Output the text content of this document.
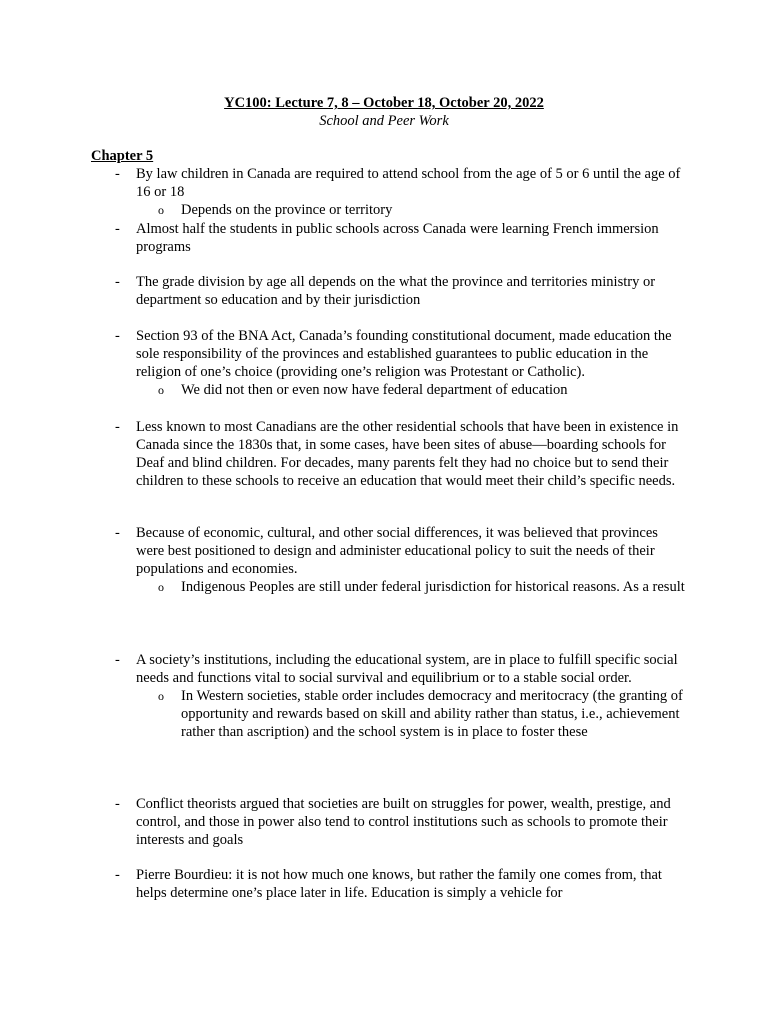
YC100: Lecture 7, 8 – October 18, October 20, 2022
School and Peer Work
Chapter 5
- By law children in Canada are required to attend school from the age of 5 or 6 until the age of 16 or 18
o Depends on the province or territory
- Almost half the students in public schools across Canada were learning French immersion programs
- The grade division by age all depends on the what the province and territories ministry or department so education and by their jurisdiction
- Section 93 of the BNA Act, Canada’s founding constitutional document, made education the sole responsibility of the provinces and established guarantees to public education in the religion of one’s choice (providing one’s religion was Protestant or Catholic).
o We did not then or even now have federal department of education
- Less known to most Canadians are the other residential schools that have been in existence in Canada since the 1830s that, in some cases, have been sites of abuse—boarding schools for Deaf and blind children. For decades, many parents felt they had no choice but to send their children to these schools to receive an education that would meet their child’s specific needs.
- Because of economic, cultural, and other social differences, it was believed that provinces were best positioned to design and administer educational policy to suit the needs of their populations and economies.
o Indigenous Peoples are still under federal jurisdiction for historical reasons. As a result
- A society’s institutions, including the educational system, are in place to fulfill specific social needs and functions vital to social survival and equilibrium or to a stable social order.
o In Western societies, stable order includes democracy and meritocracy (the granting of opportunity and rewards based on skill and ability rather than status, i.e., achievement rather than ascription) and the school system is in place to foster these
- Conflict theorists argued that societies are built on struggles for power, wealth, prestige, and control, and those in power also tend to control institutions such as schools to promote their interests and goals
- Pierre Bourdieu: it is not how much one knows, but rather the family one comes from, that helps determine one’s place later in life. Education is simply a vehicle for
